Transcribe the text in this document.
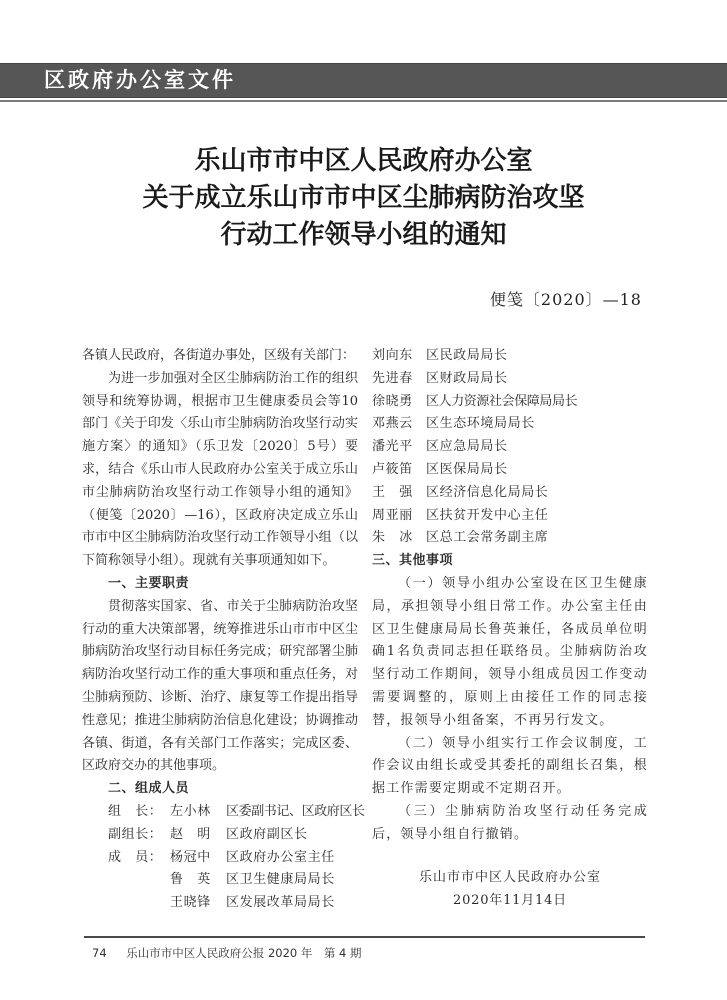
区政府办公室文件
乐山市市中区人民政府办公室
关于成立乐山市市中区尘肺病防治攻坚
行动工作领导小组的通知
便笺〔2020〕—18

各镇人民政府，各街道办事处，区级有关部门：

为进一步加强对全区尘肺病防治工作的组织领导和统筹协调，根据市卫生健康委员会等10部门《关于印发〈乐山市尘肺病防治攻坚行动实施方案〉的通知》（乐卫发〔2020〕5号）要求，结合《乐山市人民政府办公室关于成立乐山市尘肺病防治攻坚行动工作领导小组的通知》（便笺〔2020〕—16），区政府决定成立乐山市市中区尘肺病防治攻坚行动工作领导小组（以下简称领导小组）。现就有关事项通知如下。

一、主要职责

贯彻落实国家、省、市关于尘肺病防治攻坚行动的重大决策部署，统筹推进乐山市市中区尘肺病防治攻坚行动目标任务完成；研究部署尘肺病防治攻坚行动工作的重大事项和重点任务，对尘肺病预防、诊断、治疗、康复等工作提出指导性意见；推进尘肺病防治信息化建设；协调推动各镇、街道，各有关部门工作落实；完成区委、区政府交办的其他事项。

二、组成人员

组　长： 左小林	区委副书记、区政府区长
副组长： 赵　明	区政府副区长
成　员： 杨冠中	区政府办公室主任
鲁　英	区卫生健康局局长
王晓锋	区发展改革局局长
刘向东	区民政局局长
先进春	区财政局局长
徐晓勇	区人力资源社会保障局局长
邓燕云	区生态环境局局长
潘光平	区应急局局长
卢筱笛	区医保局局长
王　强	区经济信息化局局长
周亚丽	区扶贫开发中心主任
朱　冰	区总工会常务副主席

三、其他事项

（一）领导小组办公室设在区卫生健康局，承担领导小组日常工作。办公室主任由区卫生健康局局长鲁英兼任，各成员单位明确1名负责同志担任联络员。尘肺病防治攻坚行动工作期间，领导小组成员因工作变动需要调整的，原则上由接任工作的同志接替，报领导小组备案，不再另行发文。

（二）领导小组实行工作会议制度，工作会议由组长或受其委托的副组长召集，根据工作需要定期或不定期召开。

（三）尘肺病防治攻坚行动任务完成后，领导小组自行撤销。

乐山市市中区人民政府办公室
2020年11月14日
74 乐山市市中区人民政府公报 2020 年　第 4 期
